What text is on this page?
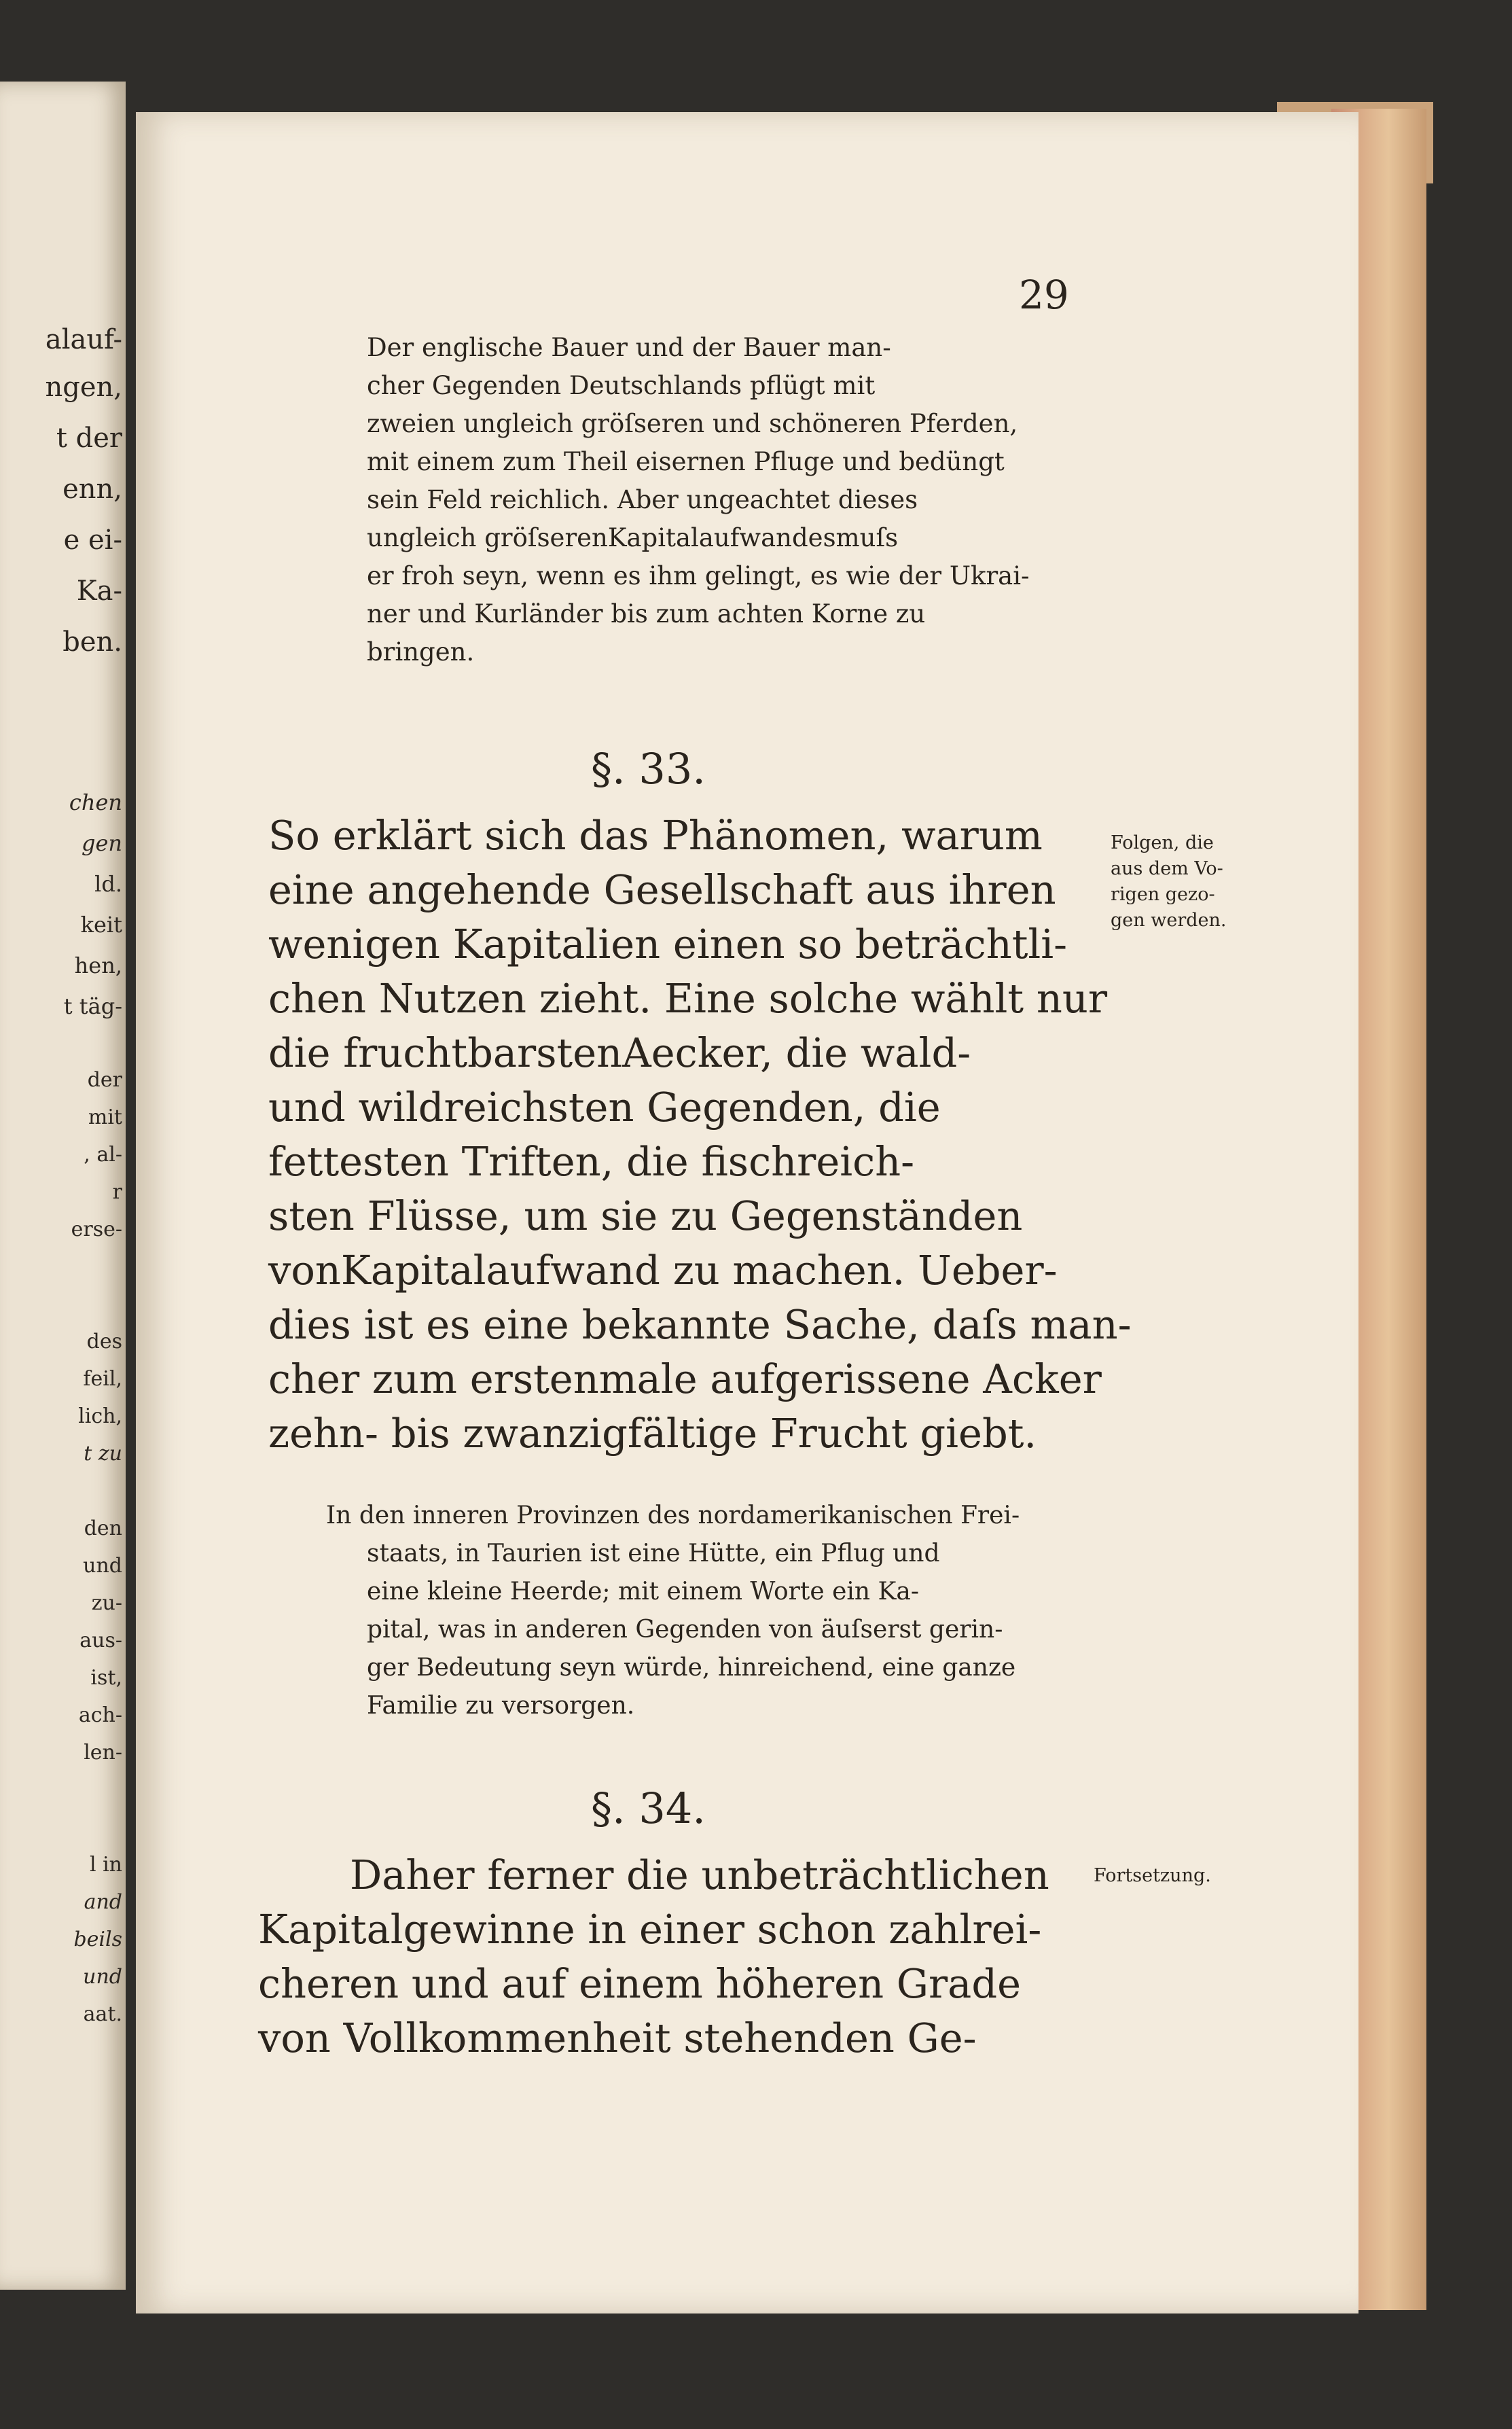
alauf-
ngen,
t der
enn,
e ei-
Ka-
ben.
chen
gen
ld.
keit
hen,
t täg-
der
mit
, al-
r
erse-
des
feil,
lich,
t zu
den
und
zu-
aus-
ist,
ach-
len-
l in
and
beils
und
aat.
29
Der englische Bauer und der Bauer man-
cher Gegenden Deutschlands pflügt mit
zweien ungleich gröſseren und schöneren Pferden,
mit einem zum Theil eisernen Pfluge und bedüngt
sein Feld reichlich. Aber ungeachtet dieses
ungleich gröſserenKapitalaufwandesmuſs
er froh seyn, wenn es ihm gelingt, es wie der Ukrai-
ner und Kurländer bis zum achten Korne zu
bringen.
§. 33.
So erklärt sich das Phänomen, warum
eine angehende Gesellschaft aus ihren
wenigen Kapitalien einen so beträchtli-
chen Nutzen zieht. Eine solche wählt nur
die fruchtbarstenAecker, die wald-
und wildreichsten Gegenden, die
fettesten Triften, die fischreich-
sten Flüsse, um sie zu Gegenständen
vonKapitalaufwand zu machen. Ueber-
dies ist es eine bekannte Sache, daſs man-
cher zum erstenmale aufgerissene Acker
zehn- bis zwanzigfältige Frucht giebt.
Folgen, die
aus dem Vo-
rigen gezo-
gen werden.
In den inneren Provinzen des nordamerikanischen Frei-
staats, in Taurien ist eine Hütte, ein Pflug und
eine kleine Heerde; mit einem Worte ein Ka-
pital, was in anderen Gegenden von äuſserst gerin-
ger Bedeutung seyn würde, hinreichend, eine ganze
Familie zu versorgen.
§. 34.
Daher ferner die unbeträchtlichen
Kapitalgewinne in einer schon zahlrei-
cheren und auf einem höheren Grade
von Vollkommenheit stehenden Ge-
Fortsetzung.
